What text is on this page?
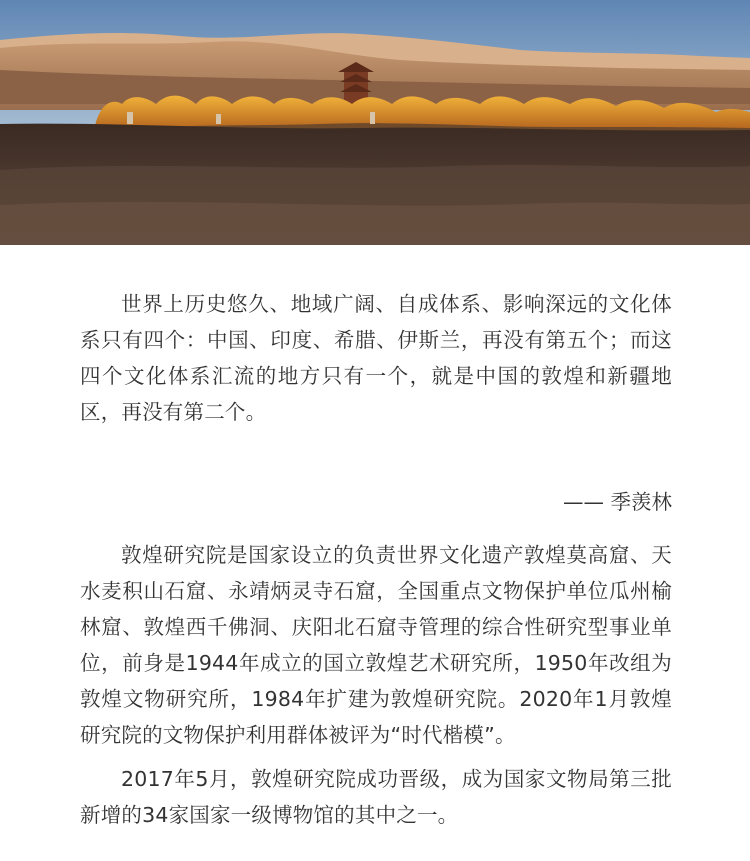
世界上历史悠久、地域广阔、自成体系、影响深远的文化体系只有四个：中国、印度、希腊、伊斯兰，再没有第五个；而这四个文化体系汇流的地方只有一个，就是中国的敦煌和新疆地区，再没有第二个。

—— 季羡林

敦煌研究院是国家设立的负责世界文化遗产敦煌莫高窟、天水麦积山石窟、永靖炳灵寺石窟，全国重点文物保护单位瓜州榆林窟、敦煌西千佛洞、庆阳北石窟寺管理的综合性研究型事业单位，前身是1944年成立的国立敦煌艺术研究所，1950年改组为敦煌文物研究所，1984年扩建为敦煌研究院。2020年1月敦煌研究院的文物保护利用群体被评为“时代楷模”。

2017年5月，敦煌研究院成功晋级，成为国家文物局第三批新增的34家国家一级博物馆的其中之一。
